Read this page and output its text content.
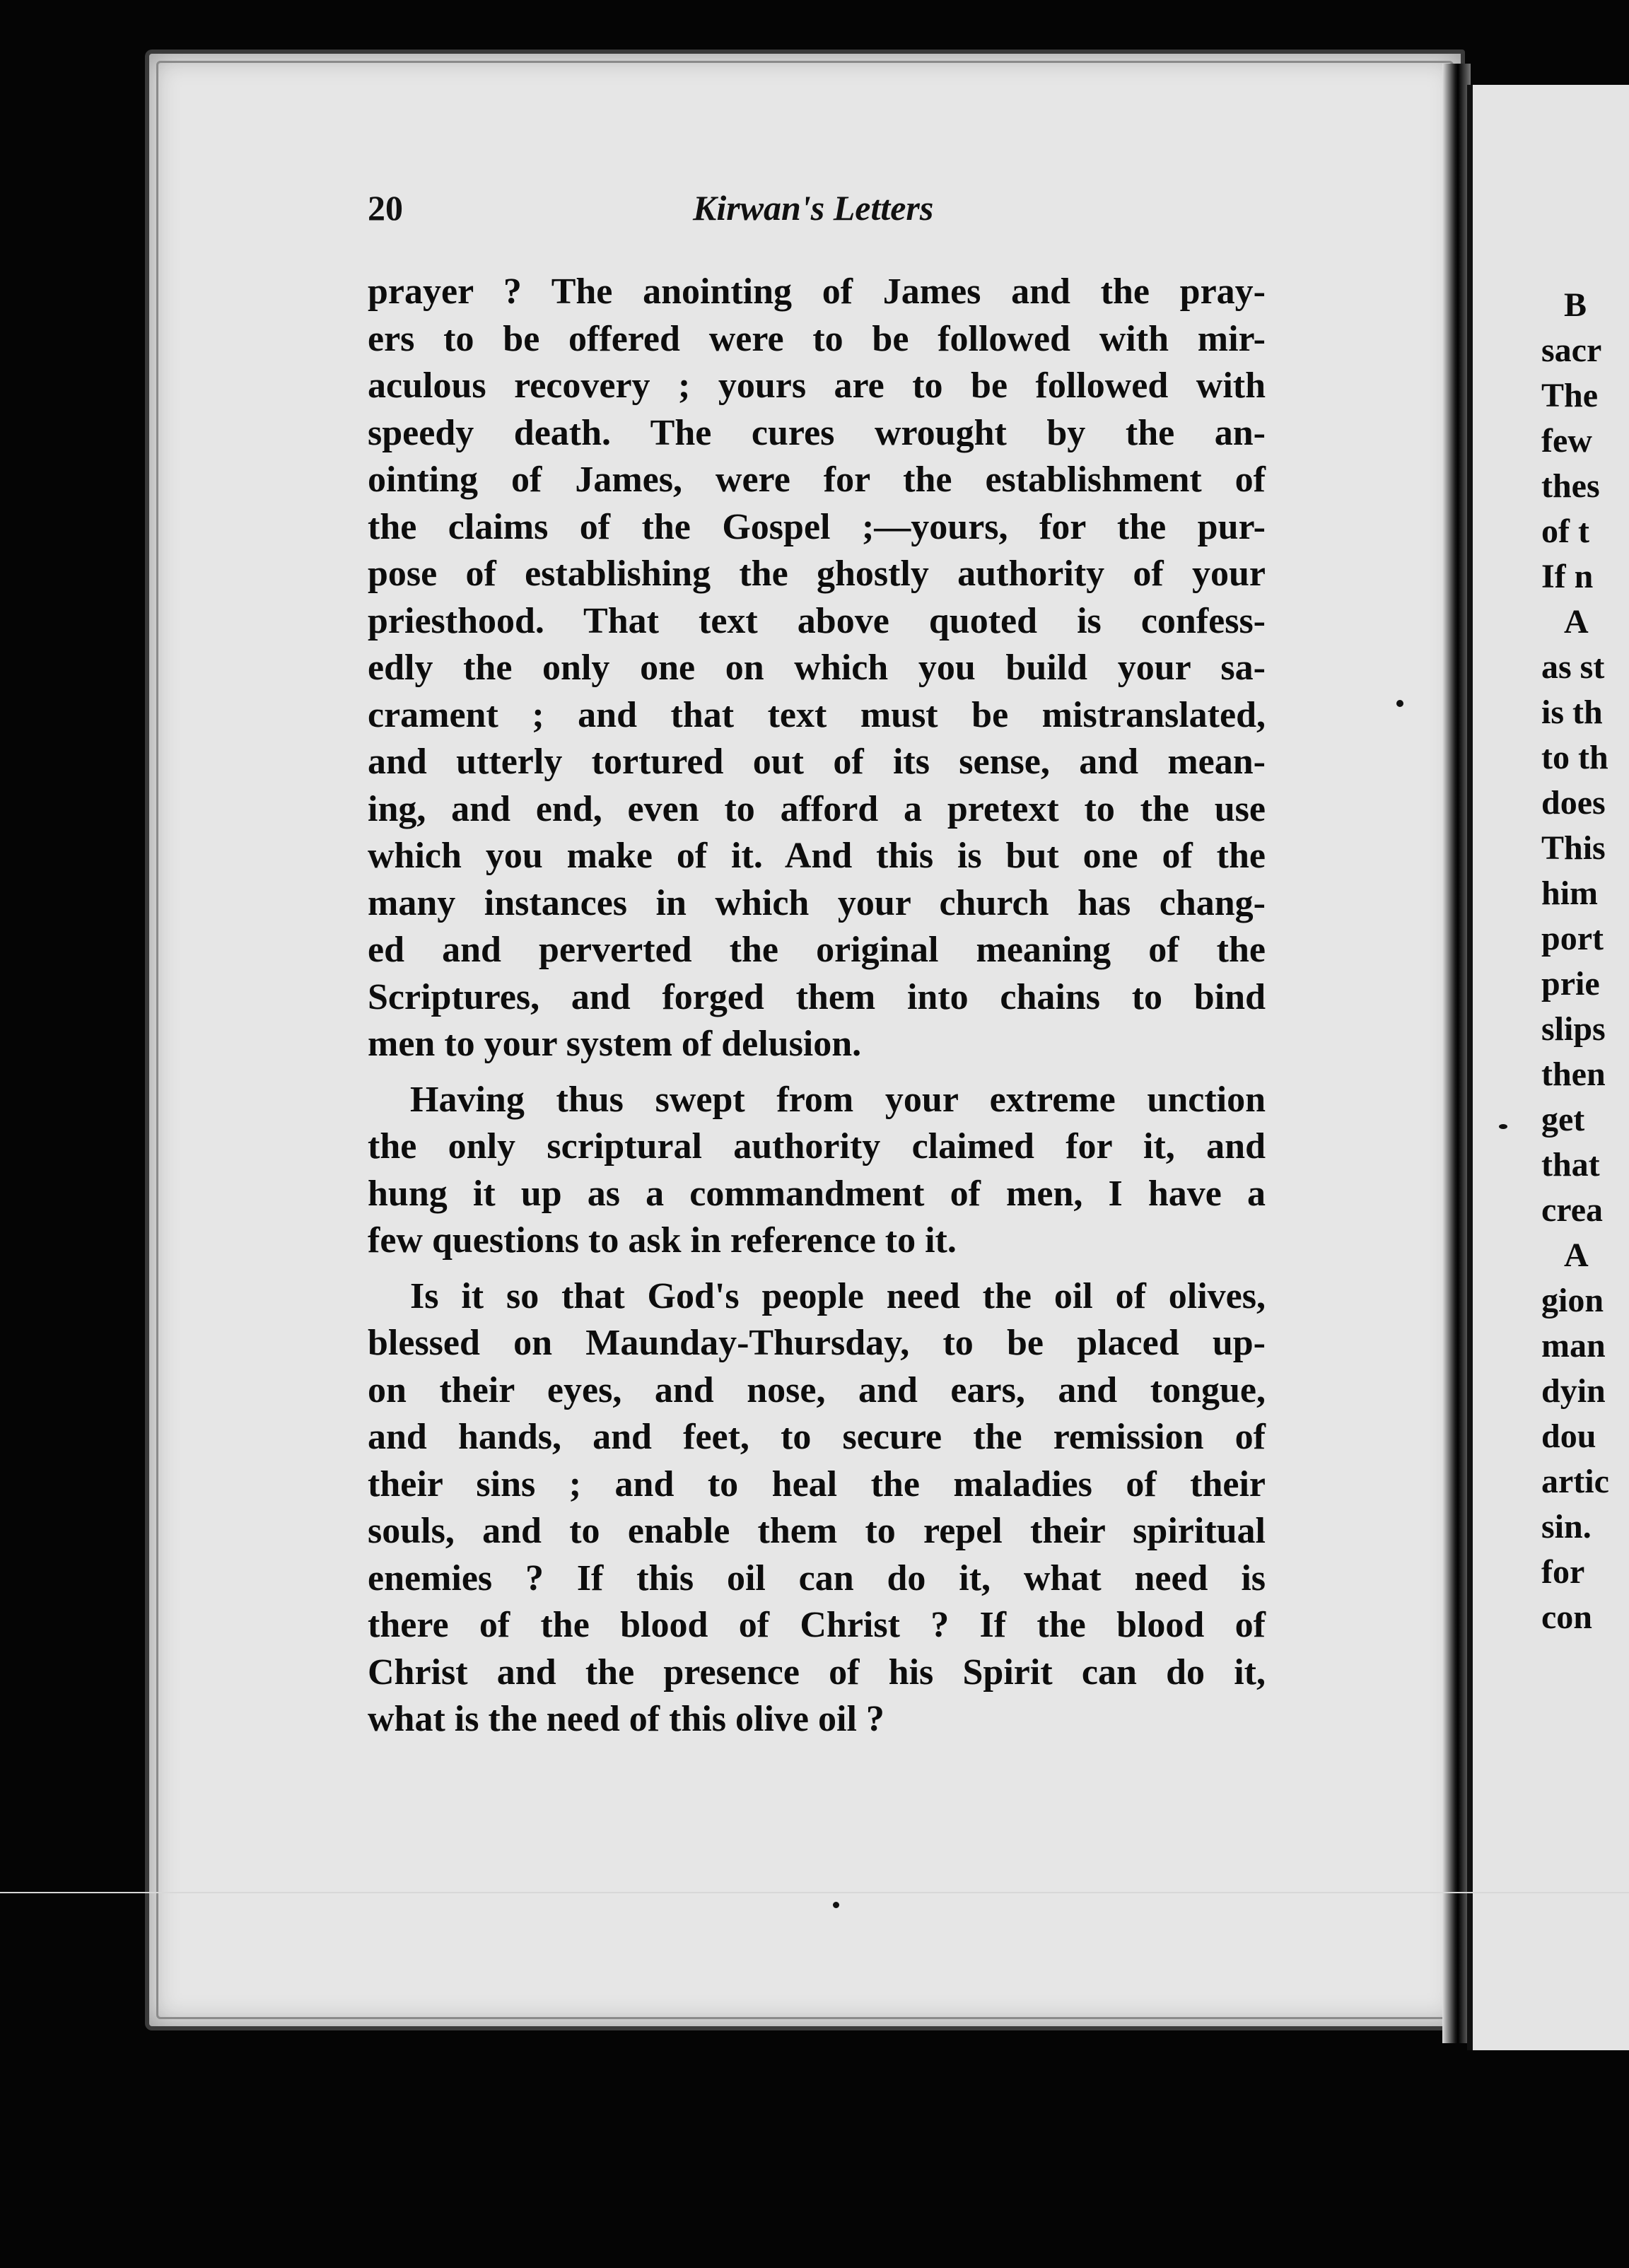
20	Kirwan's Letters
prayer ? The anointing of James and the pray-
ers to be offered were to be followed with mir-
aculous recovery ; yours are to be followed with
speedy death. The cures wrought by the an-
ointing of James, were for the establishment of
the claims of the Gospel ;—yours, for the pur-
pose of establishing the ghostly authority of your
priesthood. That text above quoted is confess-
edly the only one on which you build your sa-
crament ; and that text must be mistranslated,
and utterly tortured out of its sense, and mean-
ing, and end, even to afford a pretext to the use
which you make of it. And this is but one of the
many instances in which your church has chang-
ed and perverted the original meaning of the
Scriptures, and forged them into chains to bind
men to your system of delusion.
Having thus swept from your extreme unction
the only scriptural authority claimed for it, and
hung it up as a commandment of men, I have a
few questions to ask in reference to it.
Is it so that God's people need the oil of olives,
blessed on Maunday-Thursday, to be placed up-
on their eyes, and nose, and ears, and tongue,
and hands, and feet, to secure the remission of
their sins ; and to heal the maladies of their
souls, and to enable them to repel their spiritual
enemies ? If this oil can do it, what need is
there of the blood of Christ ? If the blood of
Christ and the presence of his Spirit can do it,
what is the need of this olive oil ?
B
sacr
The
few
thes
of t
If n
A
as st
is th
to th
does
This
him
port
prie
slips
then
get
that
crea
A
gion
man
dyin
dou
artic
sin.
for
con
